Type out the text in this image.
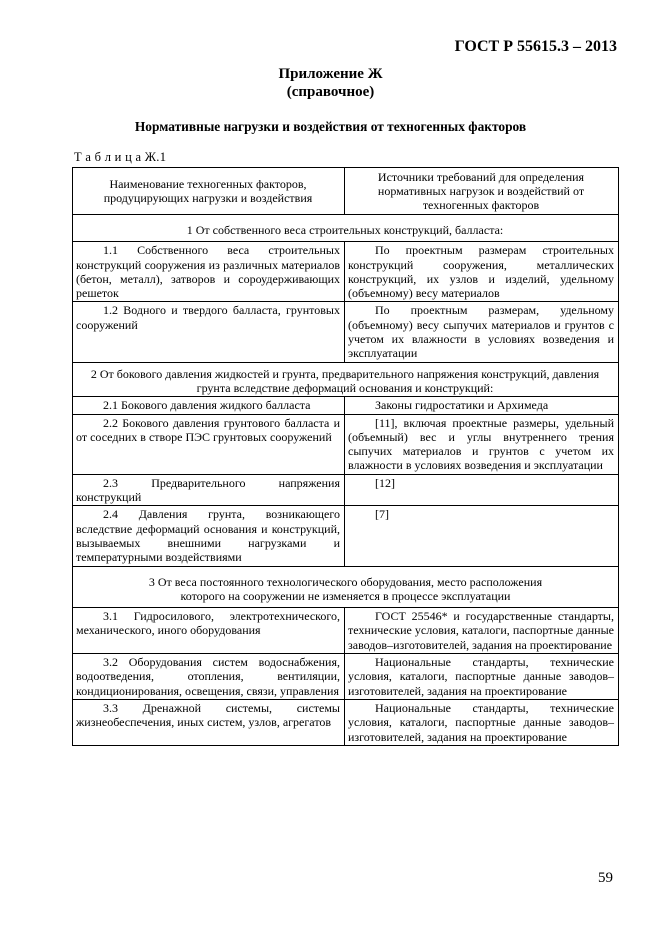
ГОСТ Р 55615.3 – 2013
Приложение Ж
(справочное)
Нормативные нагрузки и воздействия от техногенных факторов
Т а б л и ц а Ж.1
Наименование техногенных факторов, продуцирующих нагрузки и воздействия	Источники требований для определения нормативных нагрузок и воздействий от техногенных факторов
1 От собственного веса строительных конструкций, балласта:	
1.1 Собственного веса строительных конструкций сооружения из различных материалов (бетон, металл), затворов и сороудерживающих решеток	По проектным размерам строительных конструкций сооружения, металлических конструкций, их узлов и изделий, удельному (объемному) весу материалов
1.2 Водного и твердого балласта, грунтовых сооружений	По проектным размерам, удельному (объемному) весу сыпучих материалов и грунтов с учетом их влажности в условиях возведения и эксплуатации
2 От бокового давления жидкостей и грунта, предварительного напряжения конструкций, давления грунта вследствие деформаций основания и конструкций:	
2.1 Бокового давления жидкого балласта	Законы гидростатики и Архимеда
2.2 Бокового давления грунтового балласта и от соседних в створе ПЭС грунтовых сооружений	[11], включая проектные размеры, удельный (объемный) вес и углы внутреннего трения сыпучих материалов и грунтов с учетом их влажности в условиях возведения и эксплуатации
2.3 Предварительного напряжения конструкций	[12]
2.4 Давления грунта, возникающего вследствие деформаций основания и конструкций, вызываемых внешними нагрузками и температурными воздействиями	[7]
3 От веса постоянного технологического оборудования, место расположения которого на сооружении не изменяется в процессе эксплуатации	
3.1 Гидросилового, электротехнического, механического, иного оборудования	ГОСТ 25546* и государственные стандарты, технические условия, каталоги, паспортные данные заводов–изготовителей, задания на проектирование
3.2 Оборудования систем водоснабжения, водоотведения, отопления, вентиляции, кондиционирования, освещения, связи, управления	Национальные стандарты, технические условия, каталоги, паспортные данные заводов–изготовителей, задания на проектирование
3.3 Дренажной системы, системы жизнеобеспечения, иных систем, узлов, агрегатов	Национальные стандарты, технические условия, каталоги, паспортные данные заводов–изготовителей, задания на проектирование
59
